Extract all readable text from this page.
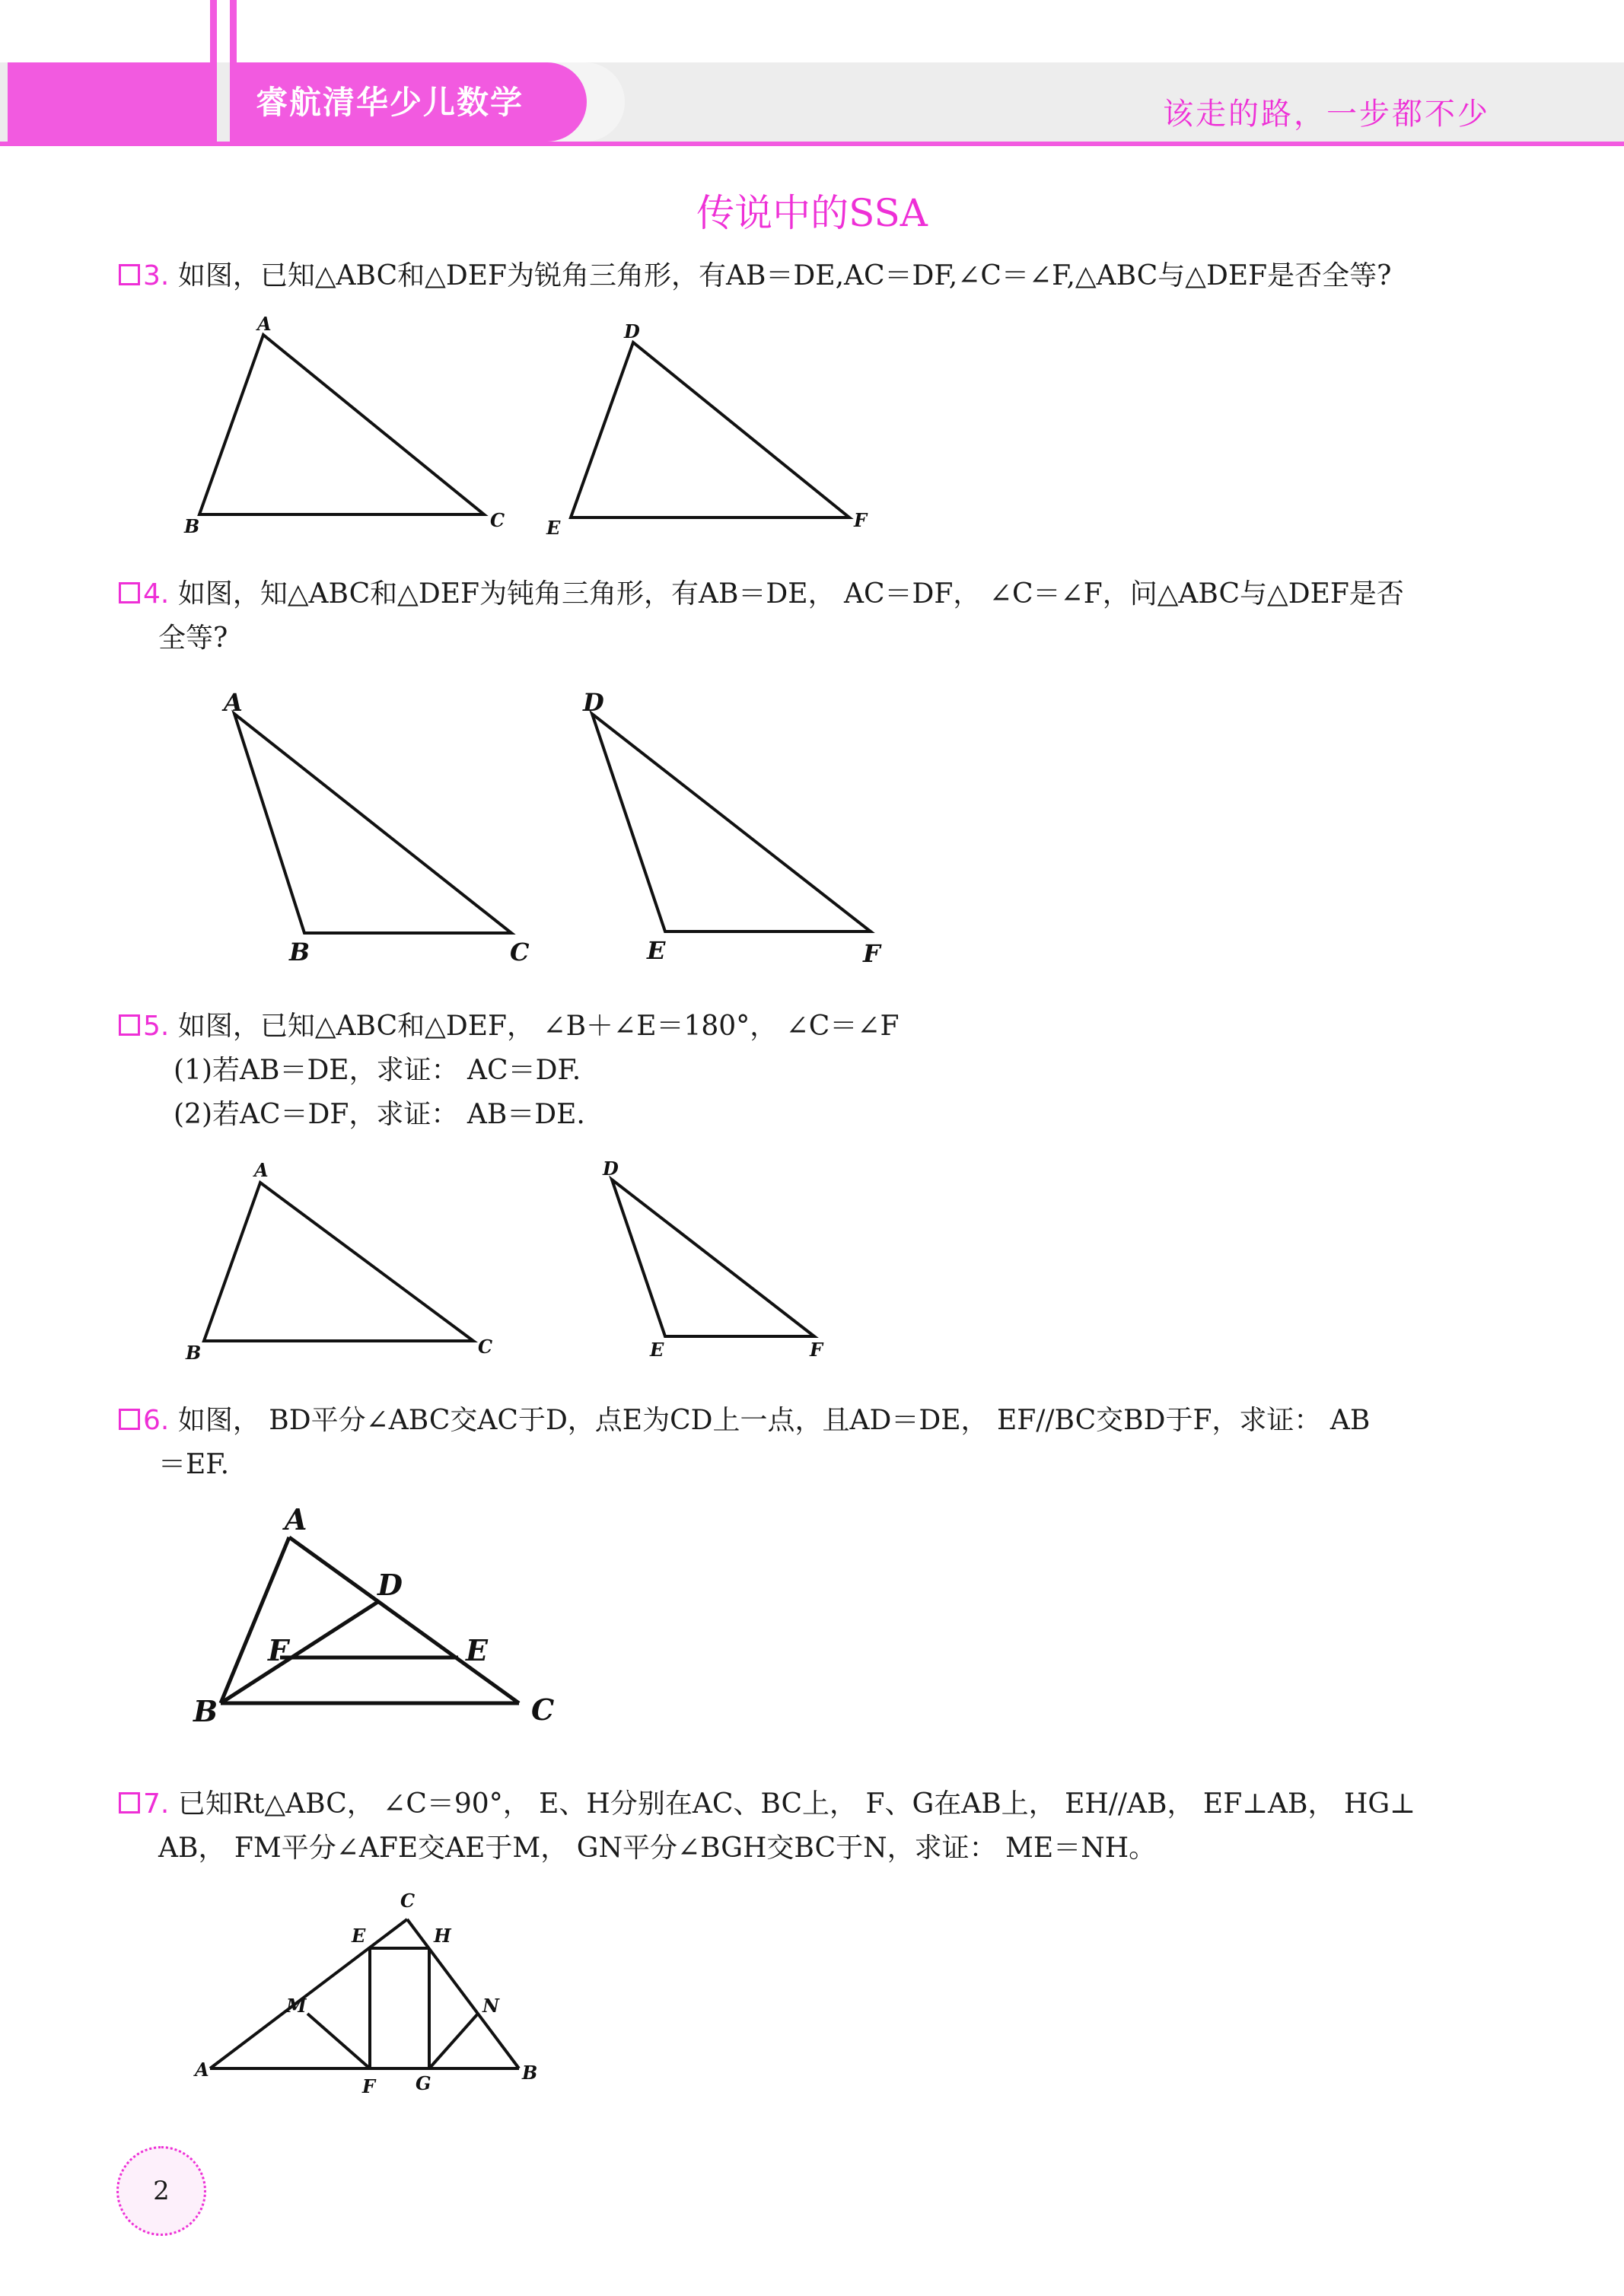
睿航清华少儿数学	该走的路，一步都不少
传说中的SSA
3. 如图，已知△ABC和△DEF为锐角三角形，有AB＝DE,AC＝DF,∠C＝∠F,△ABC与△DEF是否全等?
A
B	C
D
E	F
4. 如图，知△ABC和△DEF为钝角三角形，有AB＝DE， AC＝DF， ∠C＝∠F，问△ABC与△DEF是否
全等?
A
B	C
D
E	F
5. 如图，已知△ABC和△DEF， ∠B＋∠E＝180°， ∠C＝∠F
(1)若AB＝DE，求证： AC＝DF.
(2)若AC＝DF，求证： AB＝DE.
A
B	C
D
E	F
6. 如图， BD平分∠ABC交AC于D，点E为CD上一点，且AD＝DE， EF//BC交BD于F，求证： AB
＝EF.
A
D
F	E
B	C
7. 已知Rt△ABC， ∠C＝90°， E、H分别在AC、BC上， F、G在AB上， EH//AB， EF⊥AB， HG⊥
AB， FM平分∠AFE交AE于M， GN平分∠BGH交BC于N，求证： ME＝NH。
C
E	H
M	N
A
F G	B
2
